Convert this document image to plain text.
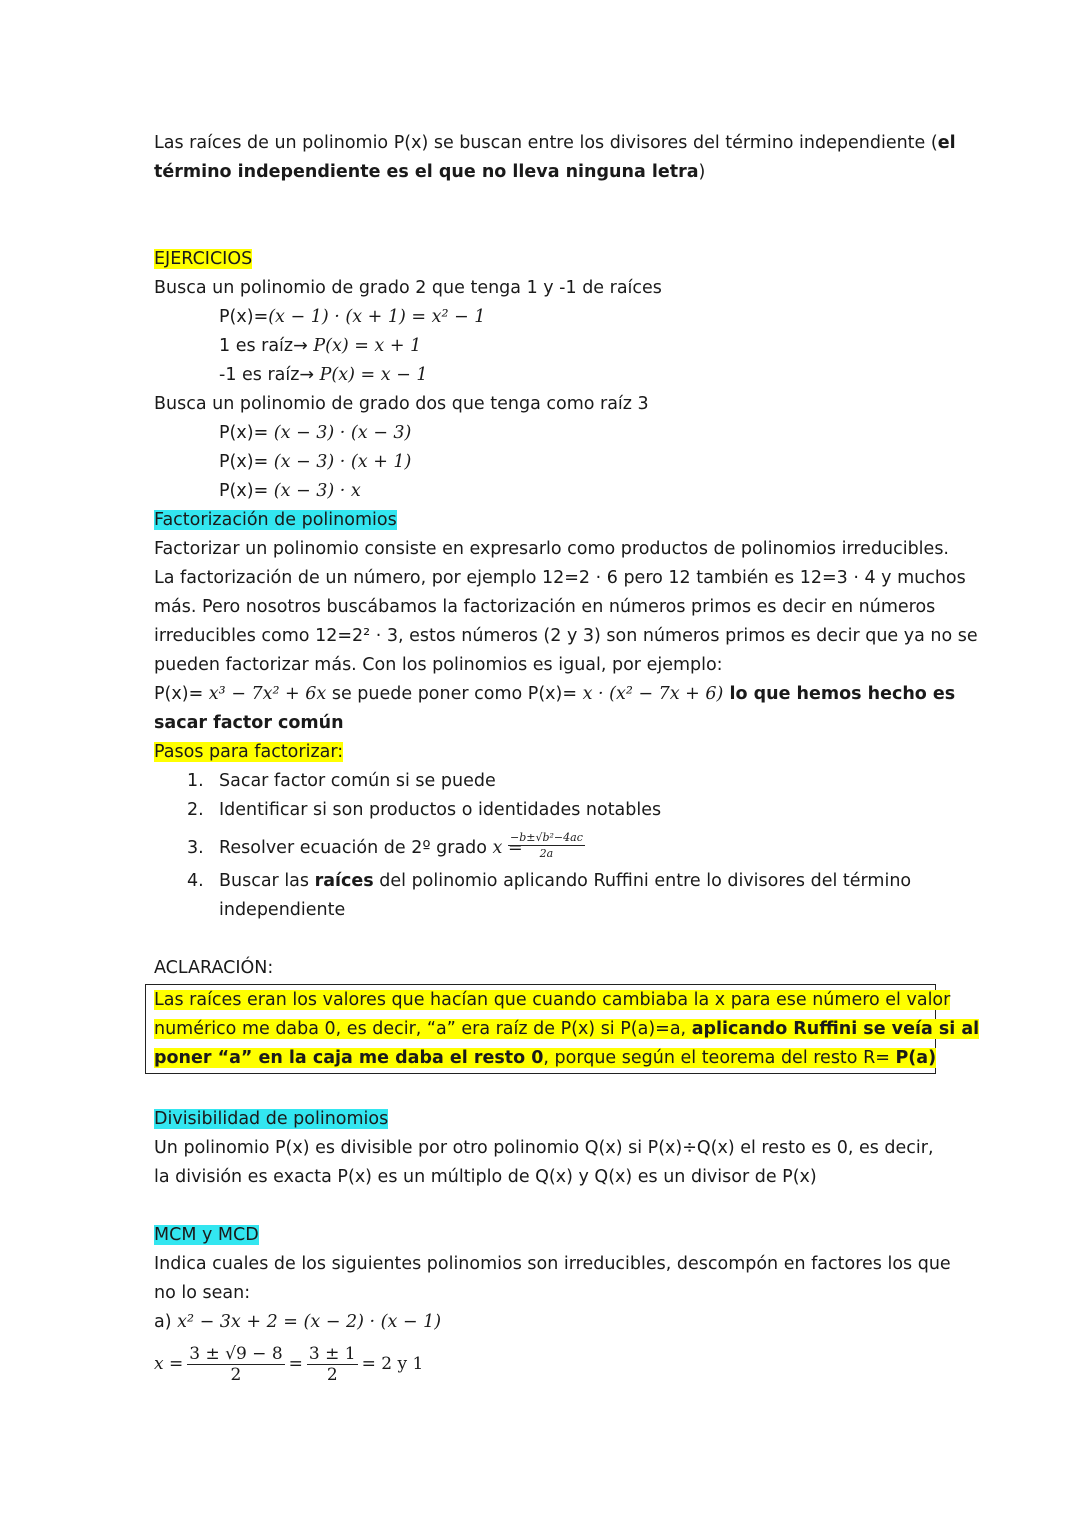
Las raíces de un polinomio P(x) se buscan entre los divisores del término independiente (el
término independiente es el que no lleva ninguna letra)
EJERCICIOS
Busca un polinomio de grado 2 que tenga 1 y -1 de raíces
P(x)=(x − 1) · (x + 1) = x² − 1
1 es raíz→ P(x) = x + 1
-1 es raíz→ P(x) = x − 1
Busca un polinomio de grado dos que tenga como raíz 3
P(x)= (x − 3) · (x − 3)
P(x)= (x − 3) · (x + 1)
P(x)= (x − 3) · x
Factorización de polinomios
Factorizar un polinomio consiste en expresarlo como productos de polinomios irreducibles.
La factorización de un número, por ejemplo 12=2 · 6 pero 12 también es 12=3 · 4 y muchos
más. Pero nosotros buscábamos la factorización en números primos es decir en números
irreducibles como 12=2² · 3, estos números (2 y 3) son números primos es decir que ya no se
pueden factorizar más. Con los polinomios es igual, por ejemplo:
P(x)= x³ − 7x² + 6x se puede poner como P(x)= x · (x² − 7x + 6) lo que hemos hecho es
sacar factor común
Pasos para factorizar:
1. Sacar factor común si se puede
2. Identificar si son productos o identidades notables
3. Resolver ecuación de 2º grado x =
$\frac{\text{−b±√b²−4ac}}{2a}$
4. Buscar las raíces del polinomio aplicando Ruffini entre lo divisores del término
independiente
ACLARACIÓN:
Las raíces eran los valores que hacían que cuando cambiaba la x para ese número el valor
numérico me daba 0, es decir, “a” era raíz de P(x) si P(a)=a, aplicando Ruffini se veía si al
poner “a” en la caja me daba el resto 0, porque según el teorema del resto R= P(a)
Divisibilidad de polinomios
Un polinomio P(x) es divisible por otro polinomio Q(x) si P(x)÷Q(x) el resto es 0, es decir,
la división es exacta P(x) es un múltiplo de Q(x) y Q(x) es un divisor de P(x)
MCM y MCD
Indica cuales de los siguientes polinomios son irreducibles, descompón en factores los que
no lo sean:
a) x² − 3x + 2 = (x − 2) · (x − 1)
$x = \frac{3 \pm √9 - 8}{2} = \frac{3 \pm 1}{2} = 2$ y 1
